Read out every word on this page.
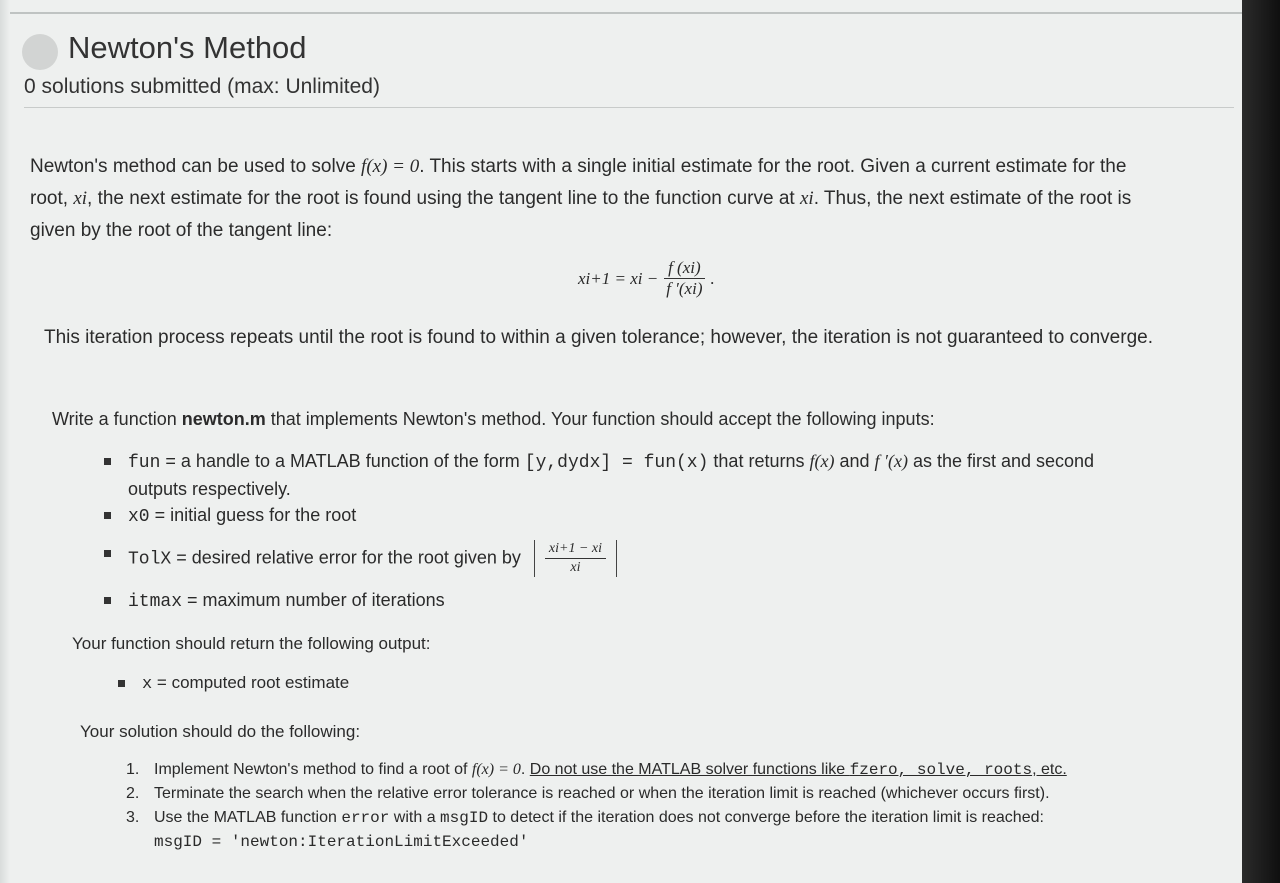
Newton's Method
0 solutions submitted (max: Unlimited)
Newton's method can be used to solve f(x) = 0. This starts with a single initial estimate for the root. Given a current estimate for the
root, xi, the next estimate for the root is found using the tangent line to the function curve at xi. Thus, the next estimate of the root is
given by the root of the tangent line:
xi+1 = xi − $\frac{f (xi)}{f '(xi)}$ .
This iteration process repeats until the root is found to within a given tolerance; however, the iteration is not guaranteed to converge.
Write a function newton.m that implements Newton's method. Your function should accept the following inputs:
fun = a handle to a MATLAB function of the form [y,dydx] = fun(x) that returns f(x) and f ′(x) as the first and second
outputs respectively.
x0 = initial guess for the root
TolX = desired relative error for the root given by $\frac{xi+1 - xi}{xi}$
itmax = maximum number of iterations
Your function should return the following output:
x = computed root estimate
Your solution should do the following:
1. Implement Newton's method to find a root of f(x) = 0. Do not use the MATLAB solver functions like fzero, solve, roots, etc.
2. Terminate the search when the relative error tolerance is reached or when the iteration limit is reached (whichever occurs first).
3. Use the MATLAB function error with a msgID to detect if the iteration does not converge before the iteration limit is reached:
msgID = 'newton:IterationLimitExceeded'
